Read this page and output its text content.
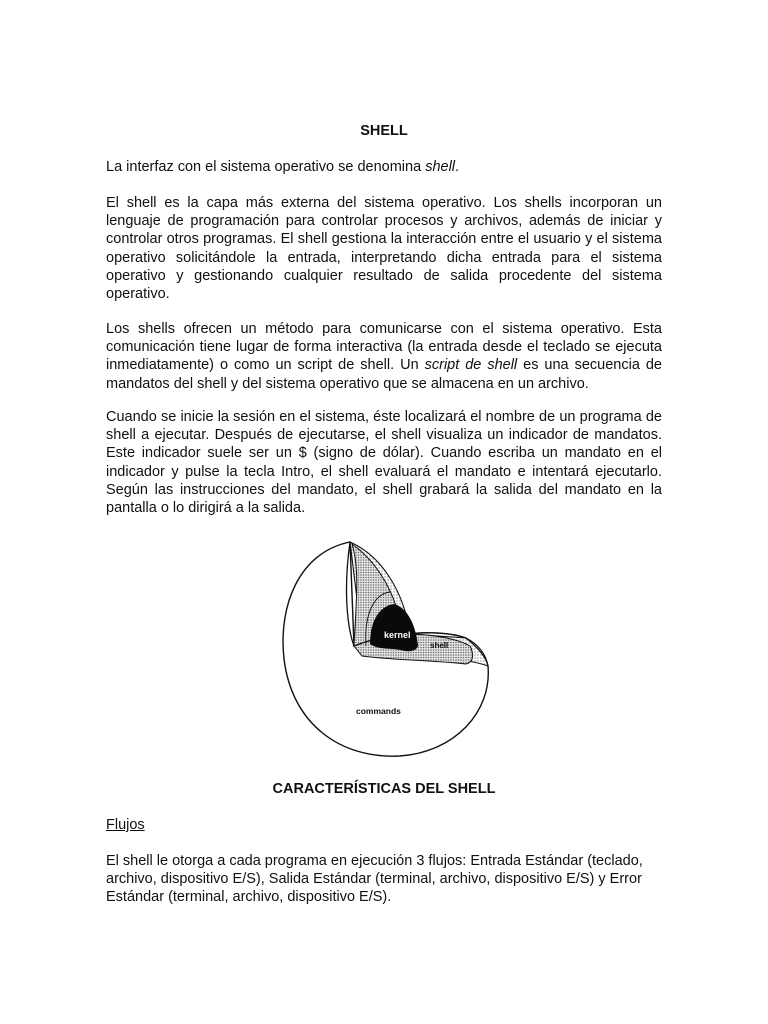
SHELL

La interfaz con el sistema operativo se denomina shell.

El shell es la capa más externa del sistema operativo. Los shells incorporan un lenguaje de programación para controlar procesos y archivos, además de iniciar y controlar otros programas. El shell gestiona la interacción entre el usuario y el sistema operativo solicitándole la entrada, interpretando dicha entrada para el sistema operativo y gestionando cualquier resultado de salida procedente del sistema operativo.

Los shells ofrecen un método para comunicarse con el sistema operativo. Esta comunicación tiene lugar de forma interactiva (la entrada desde el teclado se ejecuta inmediatamente) o como un script de shell. Un script de shell es una secuencia de mandatos del shell y del sistema operativo que se almacena en un archivo.

Cuando se inicie la sesión en el sistema, éste localizará el nombre de un programa de shell a ejecutar. Después de ejecutarse, el shell visualiza un indicador de mandatos. Este indicador suele ser un $ (signo de dólar). Cuando escriba un mandato en el indicador y pulse la tecla Intro, el shell evaluará el mandato e intentará ejecutarlo. Según las instrucciones del mandato, el shell grabará la salida del mandato en la pantalla o lo dirigirá a la salida.

kernel
shell
commands
CARACTERÍSTICAS DEL SHELL

Flujos

El shell le otorga a cada programa en ejecución 3 flujos: Entrada Estándar (teclado, archivo, dispositivo E/S), Salida Estándar (terminal, archivo, dispositivo E/S) y Error Estándar (terminal, archivo, dispositivo E/S).
